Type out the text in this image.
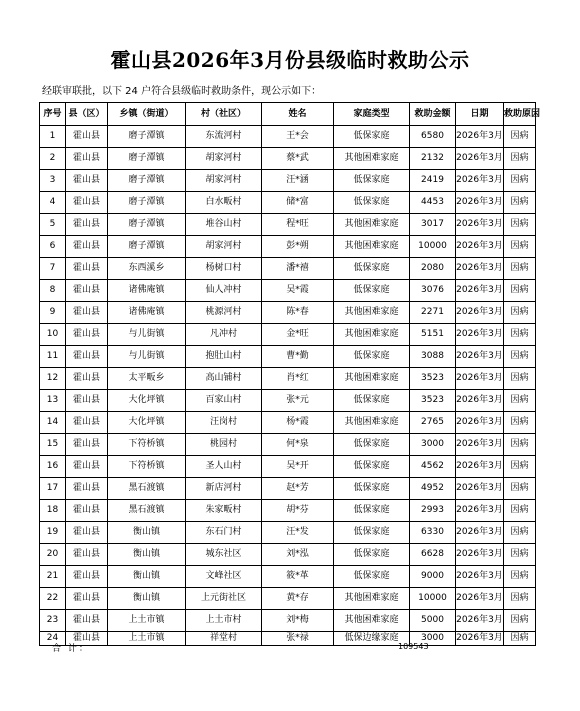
霍山县2026年3月份县级临时救助公示
经联审联批，以下 24 户符合县级临时救助条件，现公示如下：
序号	县（区）	乡镇（街道）	村（社区）	姓名	家庭类型	救助金额	日期	救助原因
1	霍山县	磨子潭镇	东流河村	王*会	低保家庭	6580	2026年3月	因病
2	霍山县	磨子潭镇	胡家河村	蔡*武	其他困难家庭	2132	2026年3月	因病
3	霍山县	磨子潭镇	胡家河村	汪*涵	低保家庭	2419	2026年3月	因病
4	霍山县	磨子潭镇	白水畈村	储*富	低保家庭	4453	2026年3月	因病
5	霍山县	磨子潭镇	堆谷山村	程*旺	其他困难家庭	3017	2026年3月	因病
6	霍山县	磨子潭镇	胡家河村	彭*朔	其他困难家庭	10000	2026年3月	因病
7	霍山县	东西溪乡	杨树口村	潘*禧	低保家庭	2080	2026年3月	因病
8	霍山县	诸佛庵镇	仙人冲村	吴*霞	低保家庭	3076	2026年3月	因病
9	霍山县	诸佛庵镇	桃源河村	陈*春	其他困难家庭	2271	2026年3月	因病
10	霍山县	与儿街镇	凡冲村	金*旺	其他困难家庭	5151	2026年3月	因病
11	霍山县	与儿街镇	抱肚山村	曹*勤	低保家庭	3088	2026年3月	因病
12	霍山县	太平畈乡	高山铺村	肖*红	其他困难家庭	3523	2026年3月	因病
13	霍山县	大化坪镇	百家山村	张*元	低保家庭	3523	2026年3月	因病
14	霍山县	大化坪镇	汪岗村	杨*霞	其他困难家庭	2765	2026年3月	因病
15	霍山县	下符桥镇	桃园村	何*泉	低保家庭	3000	2026年3月	因病
16	霍山县	下符桥镇	圣人山村	吴*开	低保家庭	4562	2026年3月	因病
17	霍山县	黑石渡镇	新店河村	赵*芳	低保家庭	4952	2026年3月	因病
18	霍山县	黑石渡镇	朱家畈村	胡*芬	低保家庭	2993	2026年3月	因病
19	霍山县	衡山镇	东石门村	汪*发	低保家庭	6330	2026年3月	因病
20	霍山县	衡山镇	城东社区	刘*泓	低保家庭	6628	2026年3月	因病
21	霍山县	衡山镇	文峰社区	筱*革	低保家庭	9000	2026年3月	因病
22	霍山县	衡山镇	上元街社区	黄*存	其他困难家庭	10000	2026年3月	因病
23	霍山县	上土市镇	上土市村	刘*梅	其他困难家庭	5000	2026年3月	因病
24	霍山县	上土市镇	祥堂村	张*禄	低保边缘家庭	3000	2026年3月	因病
合 计：	109543
